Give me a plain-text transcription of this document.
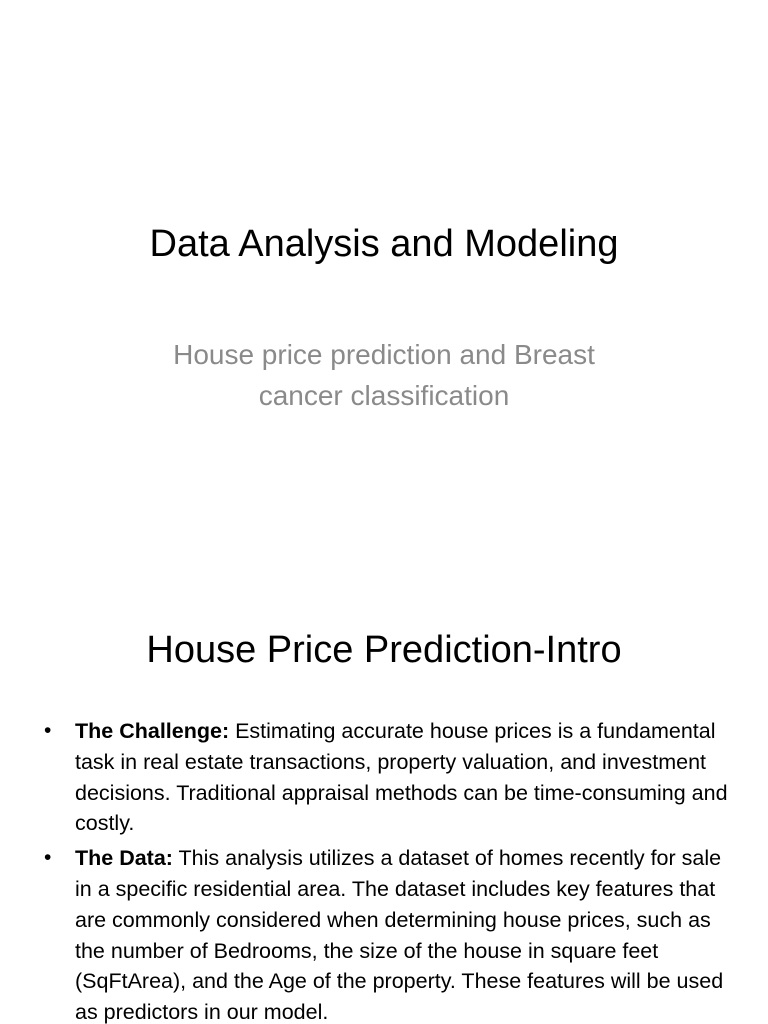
Data Analysis and Modeling

House price prediction and Breast cancer classification

House Price Prediction-Intro
• The Challenge: Estimating accurate house prices is a fundamental task in real estate transactions, property valuation, and investment decisions. Traditional appraisal methods can be time-consuming and costly.
• The Data: This analysis utilizes a dataset of homes recently for sale in a specific residential area. The dataset includes key features that are commonly considered when determining house prices, such as the number of Bedrooms, the size of the house in square feet (SqFtArea), and the Age of the property. These features will be used as predictors in our model.
